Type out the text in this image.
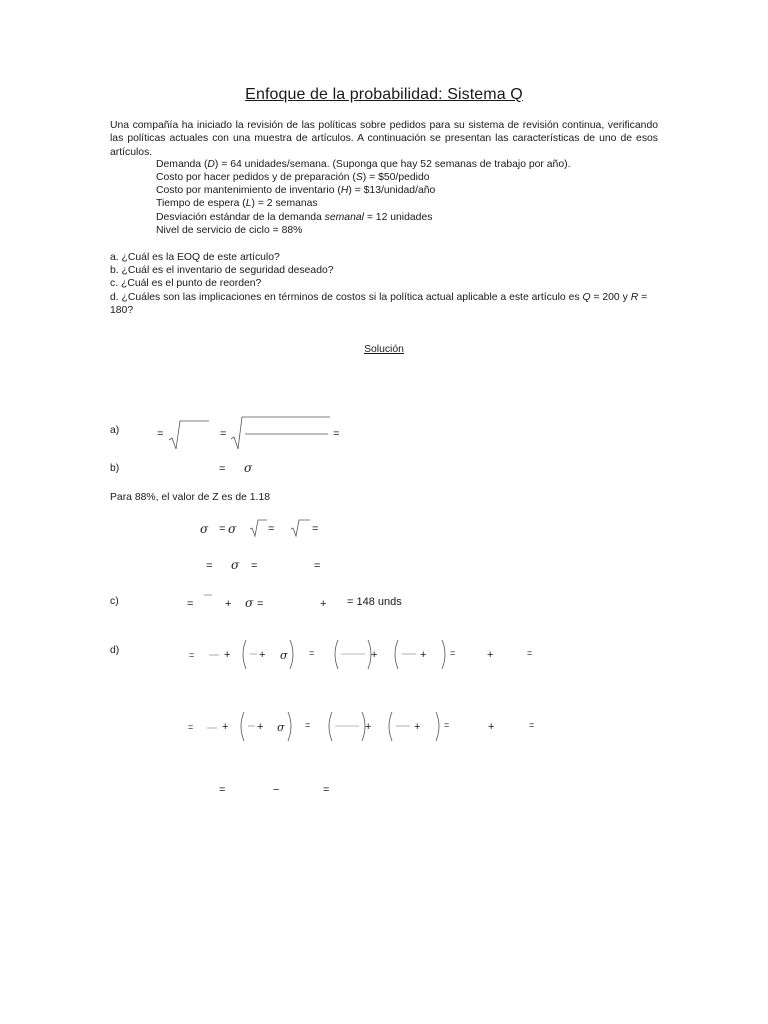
Enfoque de la probabilidad: Sistema Q
Una compañía ha iniciado la revisión de las políticas sobre pedidos para su sistema de revisión continua, verificando las políticas actuales con una muestra de artículos. A continuación se presentan las características de uno de esos artículos.
Demanda (D) = 64 unidades/semana. (Suponga que hay 52 semanas de trabajo por año).
Costo por hacer pedidos y de preparación (S) = $50/pedido
Costo por mantenimiento de inventario (H) = $13/unidad/año
Tiempo de espera (L) = 2 semanas
Desviación estándar de la demanda semanal = 12 unidades
Nivel de servicio de ciclo = 88%
a. ¿Cuál es la EOQ de este artículo?
b. ¿Cuál es el inventario de seguridad deseado?
c. ¿Cuál es el punto de reorden?
d. ¿Cuáles son las implicaciones en términos de costos si la política actual aplicable a este artículo es Q = 200 y R =
180?
Solución
a)	=	=	=
b)	= σ
Para 88%, el valor de Z es de 1.18
σ = σ	=	=
= σ =	=
c)	=	+ σ =	+ = 148 unds
d)	=	+	+ σ =	+	+	=	+	=
=	+	+ σ =	+	+	=	+	=
=	−	=
